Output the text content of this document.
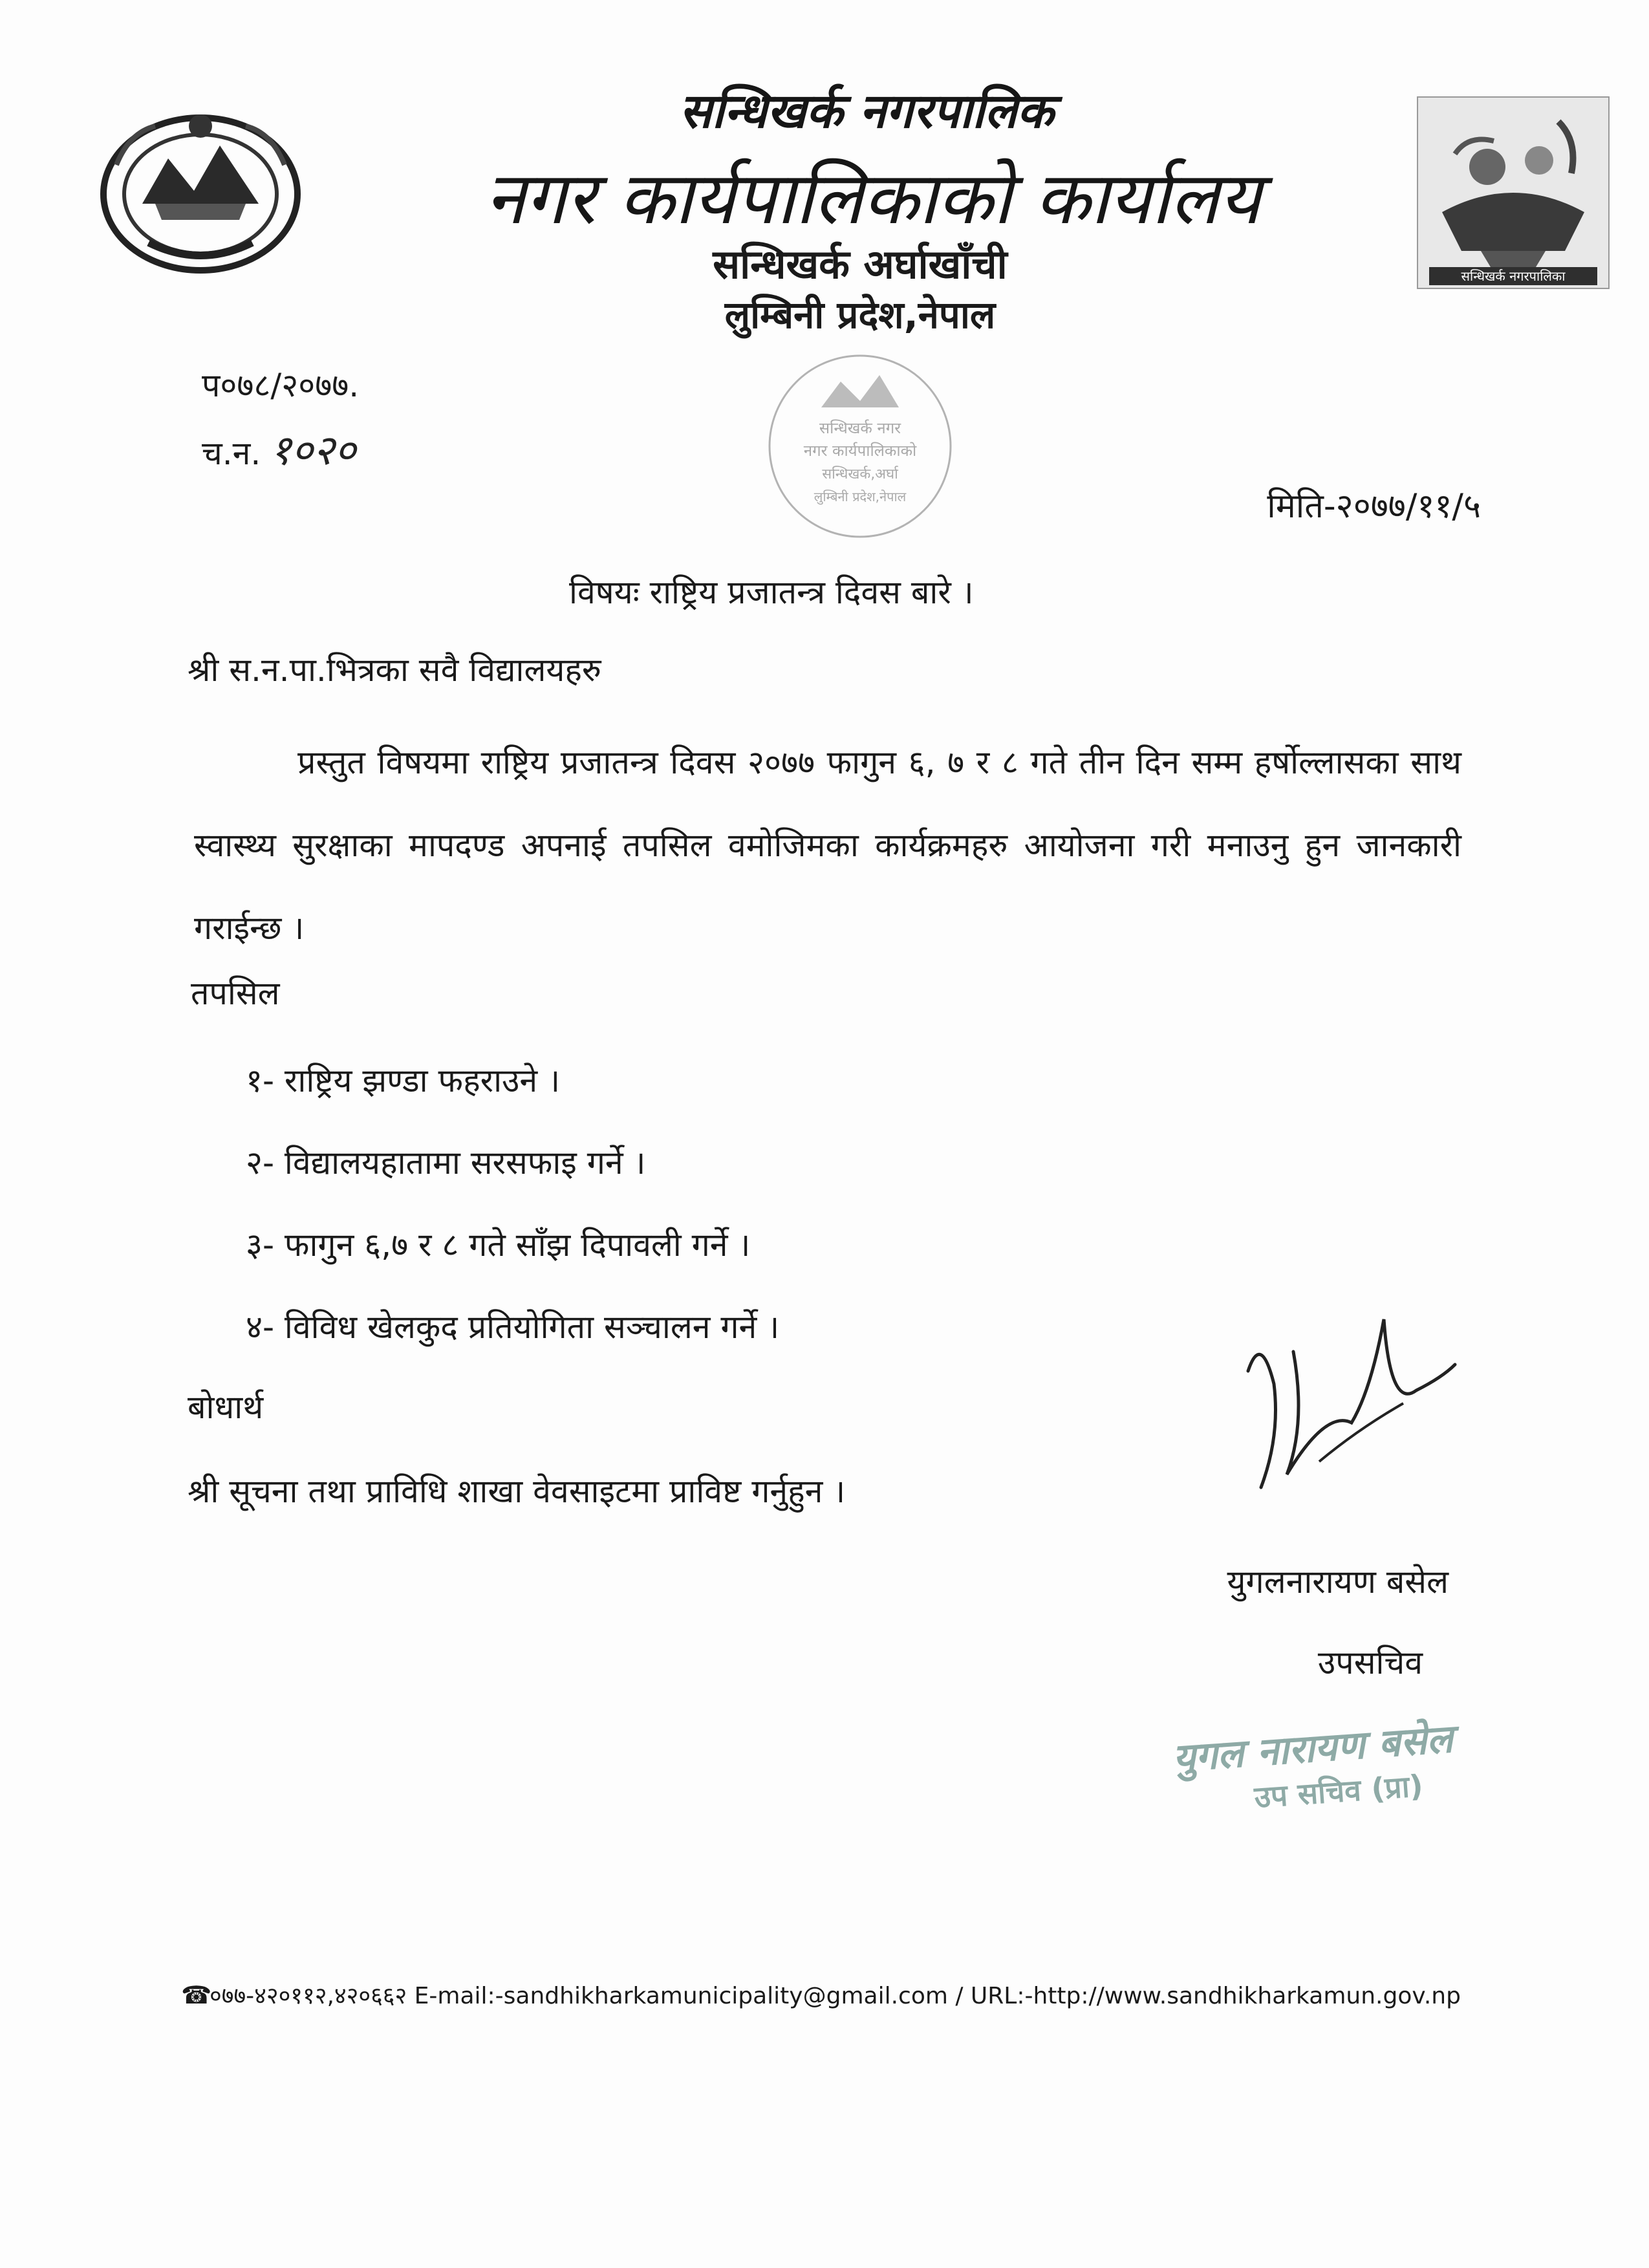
सन्धिखर्क नगरपालिक
नगर कार्यपालिकाको कार्यालय
सन्धिखर्क अर्घाखाँची
लुम्बिनी प्रदेश,नेपाल
सन्धिखर्क नगरपालिका
सन्धिखर्क नगर
नगर कार्यपालिकाको
सन्धिखर्क,अर्घा
लुम्बिनी प्रदेश,नेपाल
प०७८/२०७७.
च.न. १०२०
मिति-२०७७/११/५
विषयः राष्ट्रिय प्रजातन्त्र दिवस बारे ।
श्री स.न.पा.भित्रका सवै विद्यालयहरु
प्रस्तुत विषयमा राष्ट्रिय प्रजातन्त्र दिवस २०७७ फागुन ६, ७ र ८ गते तीन दिन सम्म हर्षोल्लासका साथ स्वास्थ्य सुरक्षाका मापदण्ड अपनाई तपसिल वमोजिमका कार्यक्रमहरु आयोजना गरी मनाउनु हुन जानकारी गराईन्छ ।
तपसिल
१- राष्ट्रिय झण्डा फहराउने ।
२- विद्यालयहातामा सरसफाइ गर्ने ।
३- फागुन ६,७ र ८ गते साँझ दिपावली गर्ने ।
४- विविध खेलकुद प्रतियोगिता सञ्चालन गर्ने ।
बोधार्थ
श्री सूचना तथा प्राविधि शाखा वेवसाइटमा प्राविष्ट गर्नुहुन ।
युगलनारायण बसेल
उपसचिव
युगल नारायण बसेल
उप सचिव (प्रा)
☎०७७-४२०११२,४२०६६२ E-mail:-sandhikharkamunicipality@gmail.com / URL:-http://www.sandhikharkamun.gov.np
